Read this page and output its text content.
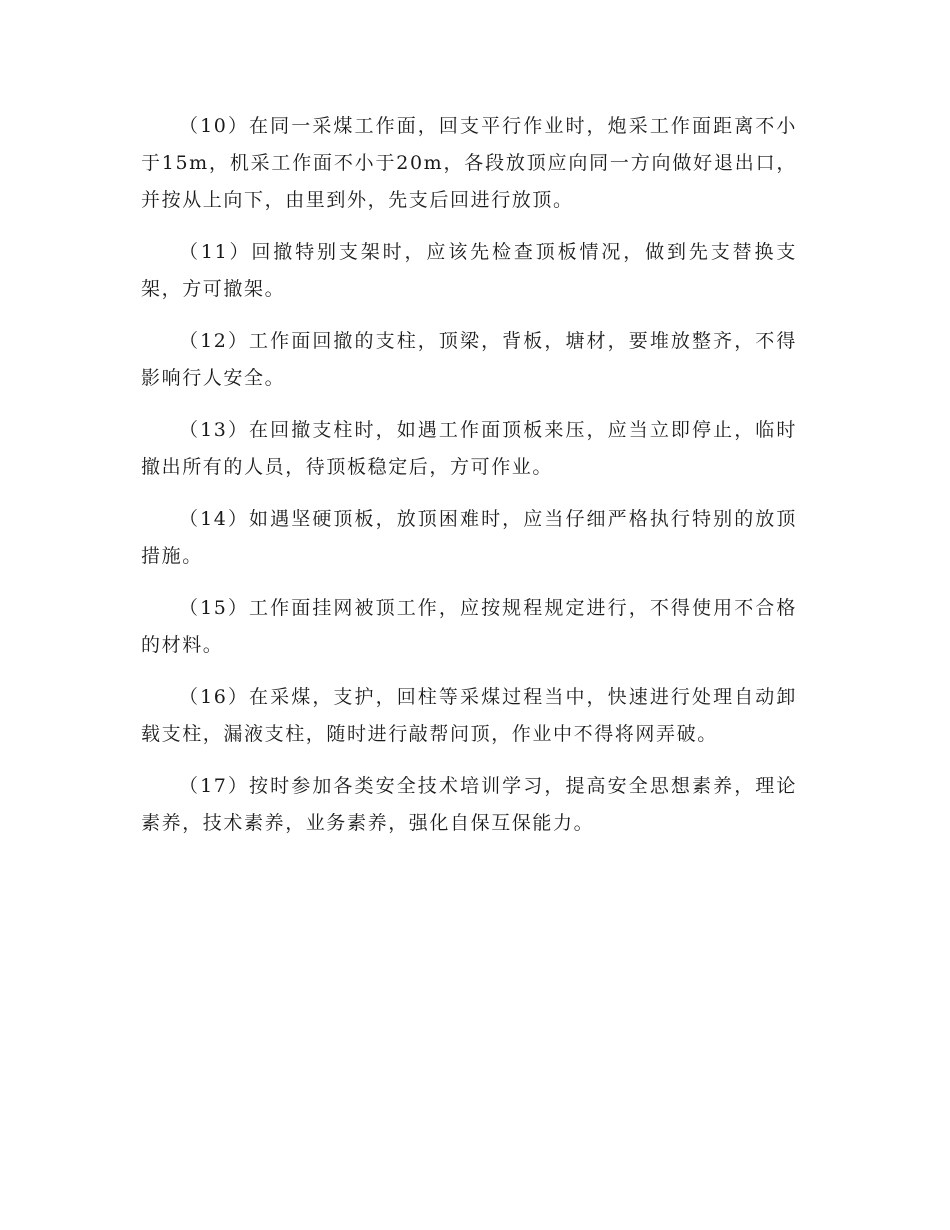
（10）在同一采煤工作面，回支平行作业时，炮采工作面距离不小于15m，机采工作面不小于20m，各段放顶应向同一方向做好退出口，并按从上向下，由里到外，先支后回进行放顶。

（11）回撤特别支架时，应该先检查顶板情况，做到先支替换支架，方可撤架。

（12）工作面回撤的支柱，顶梁，背板，塘材，要堆放整齐，不得影响行人安全。

（13）在回撤支柱时，如遇工作面顶板来压，应当立即停止，临时撤出所有的人员，待顶板稳定后，方可作业。

（14）如遇坚硬顶板，放顶困难时，应当仔细严格执行特别的放顶措施。

（15）工作面挂网被顶工作，应按规程规定进行，不得使用不合格的材料。

（16）在采煤，支护，回柱等采煤过程当中，快速进行处理自动卸载支柱，漏液支柱，随时进行敲帮问顶，作业中不得将网弄破。

（17）按时参加各类安全技术培训学习，提高安全思想素养，理论素养，技术素养，业务素养，强化自保互保能力。
